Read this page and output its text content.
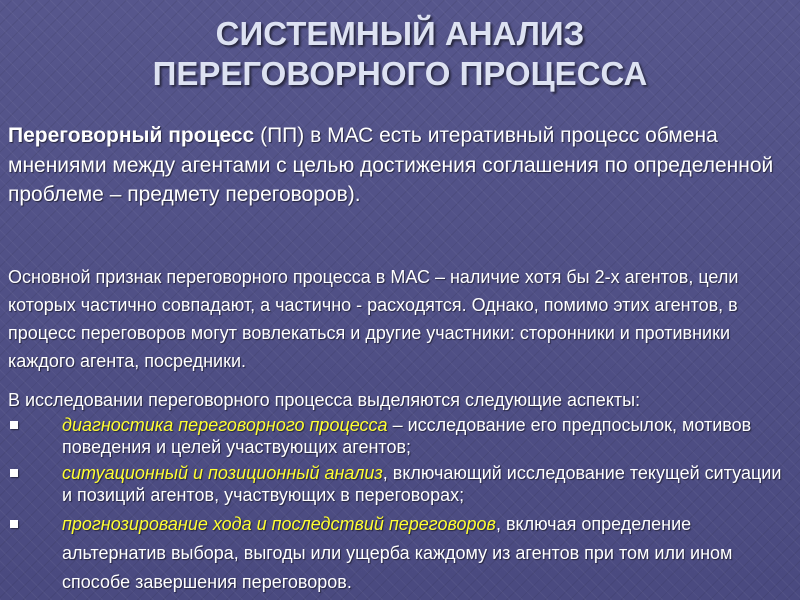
СИСТЕМНЫЙ АНАЛИЗ
ПЕРЕГОВОРНОГО ПРОЦЕССА
Переговорный процесс (ПП) в МАС есть итеративный процесс обмена мнениями между агентами с целью достижения соглашения по определенной проблеме – предмету переговоров).
Основной признак переговорного процесса в МАС – наличие хотя бы 2-х агентов, цели которых частично совпадают, а частично - расходятся. Однако, помимо этих агентов, в процесс переговоров могут вовлекаться и другие участники: сторонники и противники каждого агента, посредники.
В исследовании переговорного процесса выделяются следующие аспекты:
диагностика переговорного процесса – исследование его предпосылок, мотивов поведения и целей участвующих агентов;
ситуационный и позиционный анализ, включающий исследование текущей ситуации и позиций агентов, участвующих в переговорах;
прогнозирование хода и последствий переговоров, включая определение альтернатив выбора, выгоды или ущерба каждому из агентов при том или ином способе завершения переговоров.
